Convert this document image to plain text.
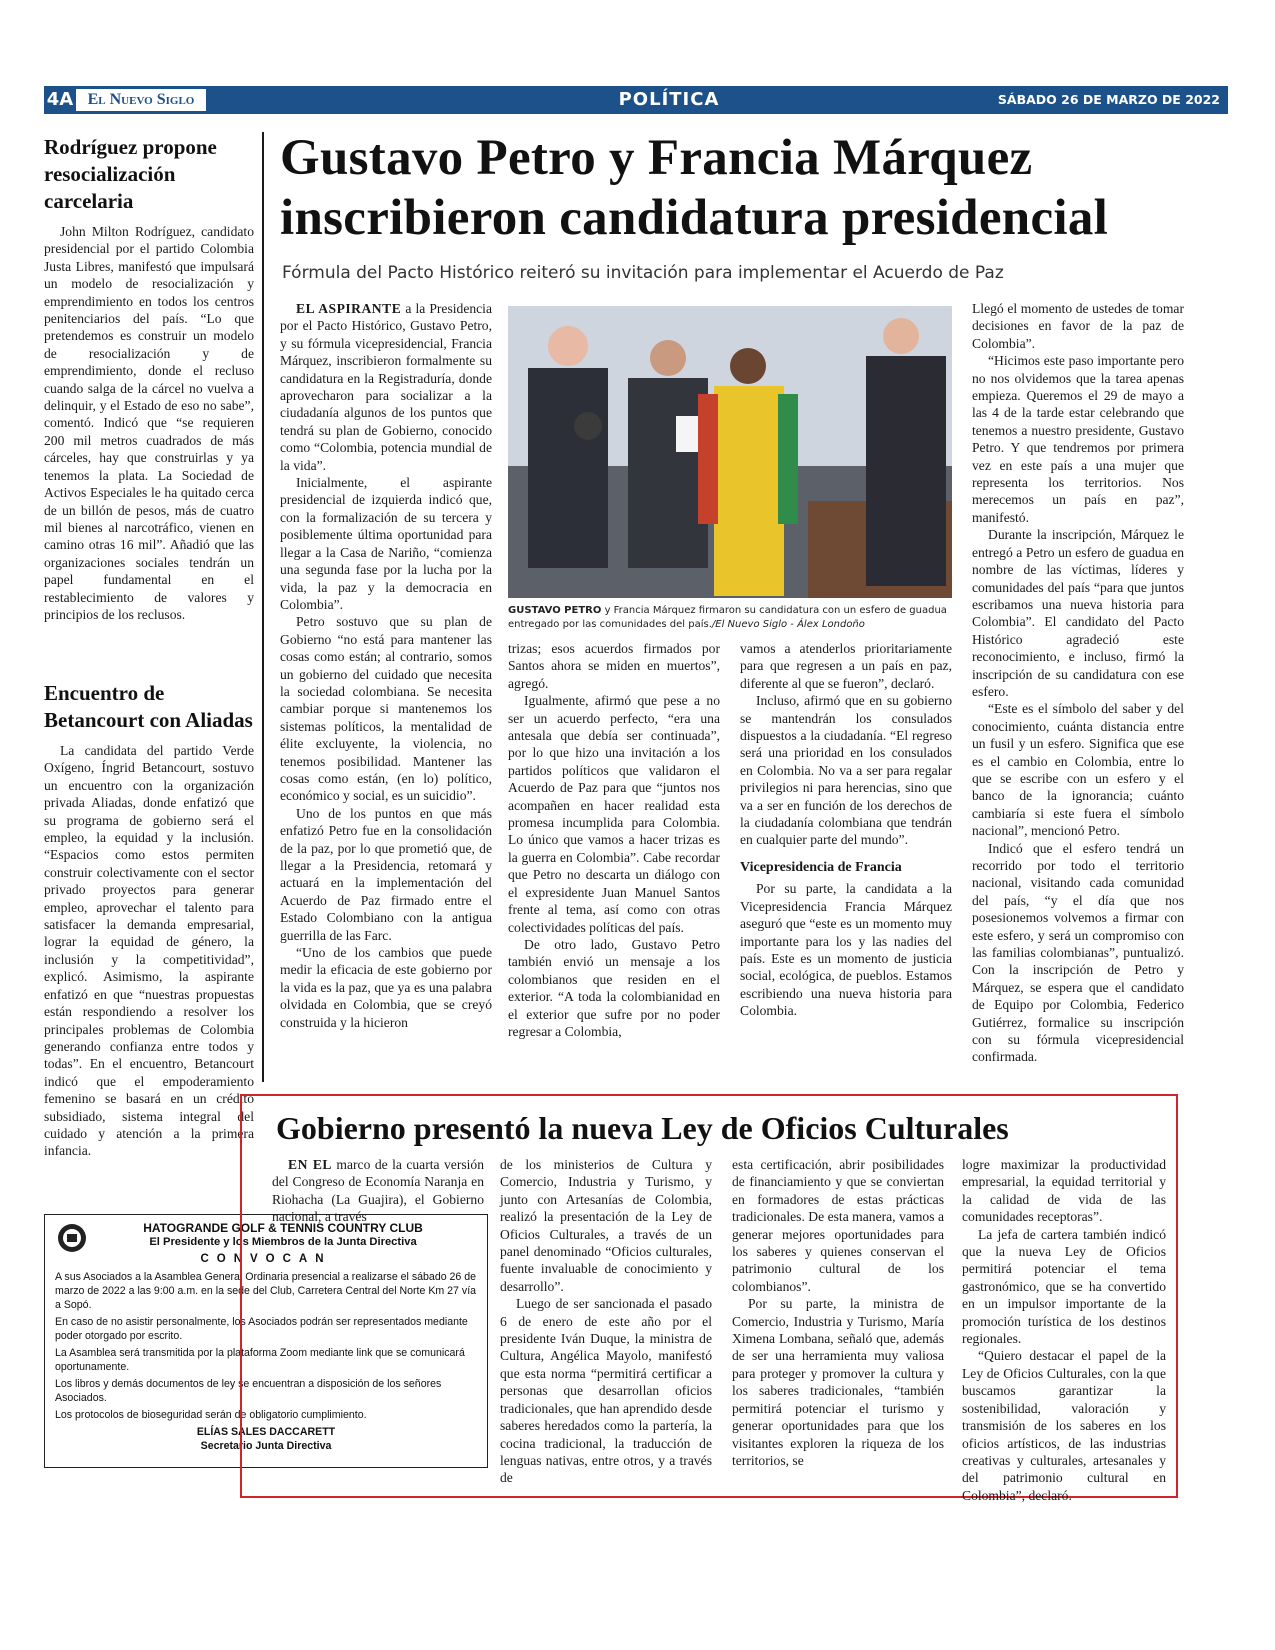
4A El Nuevo Siglo	POLÍTICA	SÁBADO 26 DE MARZO DE 2022
Rodríguez propone resocialización carcelaria

John Milton Rodríguez, candidato presidencial por el partido Colombia Justa Libres, manifestó que impulsará un modelo de resocialización y emprendimiento en todos los centros penitenciarios del país. “Lo que pretendemos es construir un modelo de resocialización y de emprendimiento, donde el recluso cuando salga de la cárcel no vuelva a delinquir, y el Estado de eso no sabe”, comentó. Indicó que “se requieren 200 mil metros cuadrados de más cárceles, hay que construirlas y ya tenemos la plata. La Sociedad de Activos Especiales le ha quitado cerca de un billón de pesos, más de cuatro mil bienes al narcotráfico, vienen en camino otras 16 mil”. Añadió que las organizaciones sociales tendrán un papel fundamental en el restablecimiento de valores y principios de los reclusos.

Encuentro de Betancourt con Aliadas

La candidata del partido Verde Oxígeno, Íngrid Betancourt, sostuvo un encuentro con la organización privada Aliadas, donde enfatizó que su programa de gobierno será el empleo, la equidad y la inclusión. “Espacios como estos permiten construir colectivamente con el sector privado proyectos para generar empleo, aprovechar el talento para satisfacer la demanda empresarial, lograr la equidad de género, la inclusión y la competitividad”, explicó. Asimismo, la aspirante enfatizó en que “nuestras propuestas están respondiendo a resolver los principales problemas de Colombia generando confianza entre todos y todas”. En el encuentro, Betancourt indicó que el empoderamiento femenino se basará en un crédito subsidiado, sistema integral del cuidado y atención a la primera infancia.

Gustavo Petro y Francia Márquez inscribieron candidatura presidencial
Fórmula del Pacto Histórico reiteró su invitación para implementar el Acuerdo de Paz

EL ASPIRANTE a la Presidencia por el Pacto Histórico, Gustavo Petro, y su fórmula vicepresidencial, Francia Márquez, inscribieron formalmente su candidatura en la Registraduría, donde aprovecharon para socializar a la ciudadanía algunos de los puntos que tendrá su plan de Gobierno, conocido como “Colombia, potencia mundial de la vida”.

Inicialmente, el aspirante presidencial de izquierda indicó que, con la formalización de su tercera y posiblemente última oportunidad para llegar a la Casa de Nariño, “comienza una segunda fase por la lucha por la vida, la paz y la democracia en Colombia”.

Petro sostuvo que su plan de Gobierno “no está para mantener las cosas como están; al contrario, somos un gobierno del cuidado que necesita la sociedad colombiana. Se necesita cambiar porque si mantenemos los sistemas políticos, la mentalidad de élite excluyente, la violencia, no tenemos posibilidad. Mantener las cosas como están, (en lo) político, económico y social, es un suicidio”.

Uno de los puntos en que más enfatizó Petro fue en la consolidación de la paz, por lo que prometió que, de llegar a la Presidencia, retomará y actuará en la implementación del Acuerdo de Paz firmado entre el Estado Colombiano con la antigua guerrilla de las Farc.

“Uno de los cambios que puede medir la eficacia de este gobierno por la vida es la paz, que ya es una palabra olvidada en Colombia, que se creyó construida y la hicieron

GUSTAVO PETRO y Francia Márquez firmaron su candidatura con un esfero de guadua entregado por las comunidades del país./El Nuevo Siglo - Álex Londoño

trizas; esos acuerdos firmados por Santos ahora se miden en muertos”, agregó.

Igualmente, afirmó que pese a no ser un acuerdo perfecto, “era una antesala que debía ser continuada”, por lo que hizo una invitación a los partidos políticos que validaron el Acuerdo de Paz para que “juntos nos acompañen en hacer realidad esta promesa incumplida para Colombia. Lo único que vamos a hacer trizas es la guerra en Colombia”. Cabe recordar que Petro no descarta un diálogo con el expresidente Juan Manuel Santos frente al tema, así como con otras colectividades políticas del país.

De otro lado, Gustavo Petro también envió un mensaje a los colombianos que residen en el exterior. “A toda la colombianidad en el exterior que sufre por no poder regresar a Colombia,

vamos a atenderlos prioritariamente para que regresen a un país en paz, diferente al que se fueron”, declaró.

Incluso, afirmó que en su gobierno se mantendrán los consulados dispuestos a la ciudadanía. “El regreso será una prioridad en los consulados en Colombia. No va a ser para regalar privilegios ni para herencias, sino que va a ser en función de los derechos de la ciudadanía colombiana que tendrán en cualquier parte del mundo”.

Vicepresidencia de Francia

Por su parte, la candidata a la Vicepresidencia Francia Márquez aseguró que “este es un momento muy importante para los y las nadies del país. Este es un momento de justicia social, ecológica, de pueblos. Estamos escribiendo una nueva historia para Colombia.

Llegó el momento de ustedes de tomar decisiones en favor de la paz de Colombia”.

“Hicimos este paso importante pero no nos olvidemos que la tarea apenas empieza. Queremos el 29 de mayo a las 4 de la tarde estar celebrando que tenemos a nuestro presidente, Gustavo Petro. Y que tendremos por primera vez en este país a una mujer que representa los territorios. Nos merecemos un país en paz”, manifestó.

Durante la inscripción, Márquez le entregó a Petro un esfero de guadua en nombre de las víctimas, líderes y comunidades del país “para que juntos escribamos una nueva historia para Colombia”. El candidato del Pacto Histórico agradeció este reconocimiento, e incluso, firmó la inscripción de su candidatura con ese esfero.

“Este es el símbolo del saber y del conocimiento, cuánta distancia entre un fusil y un esfero. Significa que ese es el cambio en Colombia, entre lo que se escribe con un esfero y el banco de la ignorancia; cuánto cambiaría si este fuera el símbolo nacional”, mencionó Petro.

Indicó que el esfero tendrá un recorrido por todo el territorio nacional, visitando cada comunidad del país, “y el día que nos posesionemos volvemos a firmar con este esfero, y será un compromiso con las familias colombianas”, puntualizó. Con la inscripción de Petro y Márquez, se espera que el candidato de Equipo por Colombia, Federico Gutiérrez, formalice su inscripción con su fórmula vicepresidencial confirmada.

HATOGRANDE GOLF & TENNIS COUNTRY CLUB
El Presidente y los Miembros de la Junta Directiva
CONVOCAN

A sus Asociados a la Asamblea General Ordinaria presencial a realizarse el sábado 26 de marzo de 2022 a las 9:00 a.m. en la sede del Club, Carretera Central del Norte Km 27 vía a Sopó.

En caso de no asistir personalmente, los Asociados podrán ser representados mediante poder otorgado por escrito.

La Asamblea será transmitida por la plataforma Zoom mediante link que se comunicará oportunamente.

Los libros y demás documentos de ley se encuentran a disposición de los señores Asociados.

Los protocolos de bioseguridad serán de obligatorio cumplimiento.

ELÍAS SALES DACCARETT
Secretario Junta Directiva
Gobierno presentó la nueva Ley de Oficios Culturales

EN EL marco de la cuarta versión del Congreso de Economía Naranja en Riohacha (La Guajira), el Gobierno nacional, a través

de los ministerios de Cultura y Comercio, Industria y Turismo, y junto con Artesanías de Colombia, realizó la presentación de la Ley de Oficios Culturales, a través de un panel denominado “Oficios culturales, fuente invaluable de conocimiento y desarrollo”.

Luego de ser sancionada el pasado 6 de enero de este año por el presidente Iván Duque, la ministra de Cultura, Angélica Mayolo, manifestó que esta norma “permitirá certificar a personas que desarrollan oficios tradicionales, que han aprendido desde saberes heredados como la partería, la cocina tradicional, la traducción de lenguas nativas, entre otros, y a través de

esta certificación, abrir posibilidades de financiamiento y que se conviertan en formadores de estas prácticas tradicionales. De esta manera, vamos a generar mejores oportunidades para los saberes y quienes conservan el patrimonio cultural de los colombianos”.

Por su parte, la ministra de Comercio, Industria y Turismo, María Ximena Lombana, señaló que, además de ser una herramienta muy valiosa para proteger y promover la cultura y los saberes tradicionales, “también permitirá potenciar el turismo y generar oportunidades para que los visitantes exploren la riqueza de los territorios, se

logre maximizar la productividad empresarial, la equidad territorial y la calidad de vida de las comunidades receptoras”.

La jefa de cartera también indicó que la nueva Ley de Oficios permitirá potenciar el tema gastronómico, que se ha convertido en un impulsor importante de la promoción turística de los destinos regionales.

“Quiero destacar el papel de la Ley de Oficios Culturales, con la que buscamos garantizar la sostenibilidad, valoración y transmisión de los saberes en los oficios artísticos, de las industrias creativas y culturales, artesanales y del patrimonio cultural en Colombia”, declaró.
